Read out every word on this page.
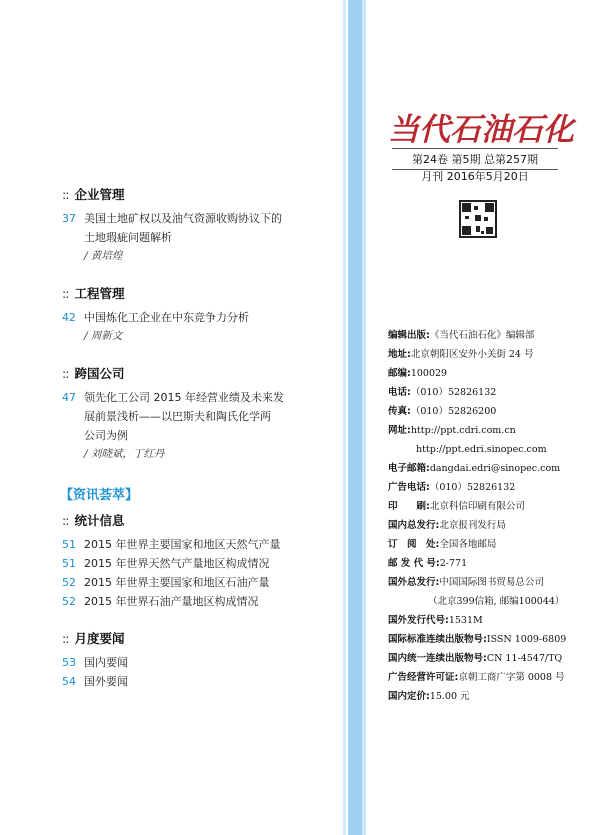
:: 企业管理
37 美国土地矿权以及油气资源收购协议下的
土地瑕疵问题解析
/ 黄培煌
:: 工程管理
42 中国炼化工企业在中东竞争力分析
/ 周新文
:: 跨国公司
47 领先化工公司 2015 年经营业绩及未来发
展前景浅析——以巴斯夫和陶氏化学两
公司为例
/ 刘晓斌，丁红丹
【资讯荟萃】
:: 统计信息
51 2015 年世界主要国家和地区天然气产量
51 2015 年世界天然气产量地区构成情况
52 2015 年世界主要国家和地区石油产量
52 2015 年世界石油产量地区构成情况
:: 月度要闻
53 国内要闻
54 国外要闻
当代石油石化
第24卷 第5期 总第257期
月刊 2016年5月20日
编辑出版:《当代石油石化》编辑部
地址:北京朝阳区安外小关街 24 号
邮编:100029
电话:（010）52826132
传真:（010）52826200
网址:http://ppt.cdri.com.cn
http://ppt.edri.sinopec.com
电子邮箱:dangdai.edri@sinopec.com
广告电话:（010）52826132
印　　刷:北京科信印刷有限公司
国内总发行:北京报刊发行局
订　阅　处:全国各地邮局
邮 发 代 号:2-771
国外总发行:中国国际图书贸易总公司
（北京399信箱, 邮编100044）
国外发行代号:1531M
国际标准连续出版物号:ISSN 1009-6809
国内统一连续出版物号:CN 11-4547/TQ
广告经营许可证:京朝工商广字第 0008 号
国内定价:15.00 元
